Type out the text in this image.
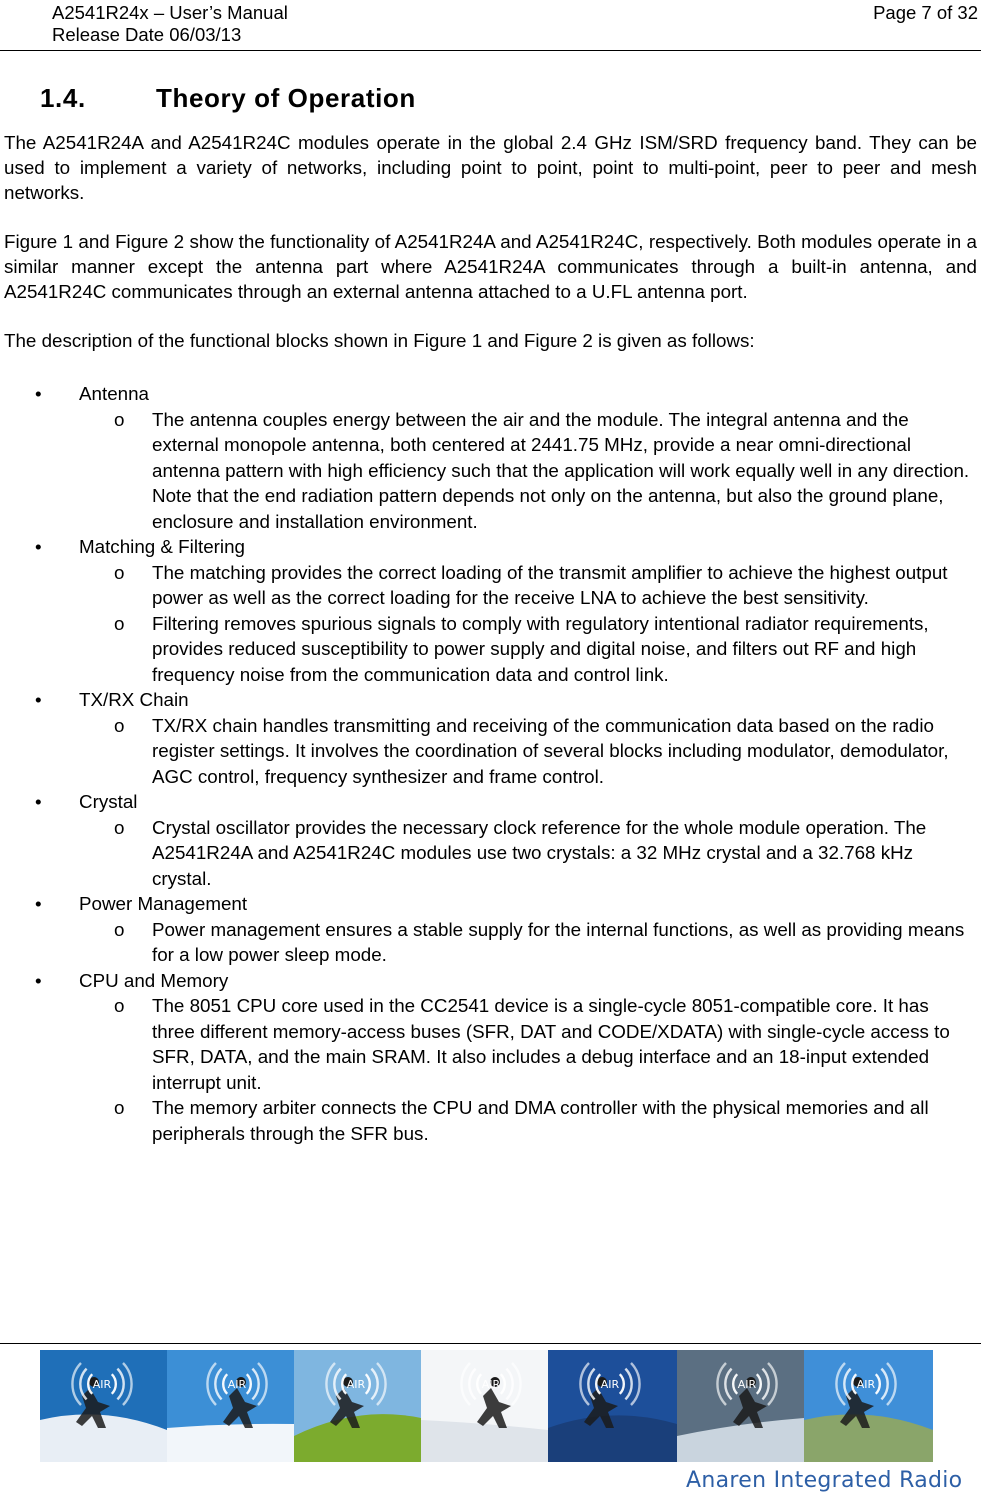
A2541R24x – User’s Manual
Release Date 06/03/13
Page 7 of 32
1.4.	Theory of Operation

The A2541R24A and A2541R24C modules operate in the global 2.4 GHz ISM/SRD frequency band. They can be used to implement a variety of networks, including point to point, point to multi-point, peer to peer and mesh networks.

Figure 1 and Figure 2 show the functionality of A2541R24A and A2541R24C, respectively. Both modules operate in a similar manner except the antenna part where A2541R24A communicates through a built-in antenna, and A2541R24C communicates through an external antenna attached to a U.FL antenna port.

The description of the functional blocks shown in Figure 1 and Figure 2 is given as follows:

• Antenna
o The antenna couples energy between the air and the module. The integral antenna and the external monopole antenna, both centered at 2441.75 MHz, provide a near omni-directional antenna pattern with high efficiency such that the application will work equally well in any direction. Note that the end radiation pattern depends not only on the antenna, but also the ground plane, enclosure and installation environment.
• Matching & Filtering
o The matching provides the correct loading of the transmit amplifier to achieve the highest output power as well as the correct loading for the receive LNA to achieve the best sensitivity.
o Filtering removes spurious signals to comply with regulatory intentional radiator requirements, provides reduced susceptibility to power supply and digital noise, and filters out RF and high frequency noise from the communication data and control link.
• TX/RX Chain
o TX/RX chain handles transmitting and receiving of the communication data based on the radio register settings. It involves the coordination of several blocks including modulator, demodulator, AGC control, frequency synthesizer and frame control.
• Crystal
o Crystal oscillator provides the necessary clock reference for the whole module operation. The A2541R24A and A2541R24C modules use two crystals: a 32 MHz crystal and a 32.768 kHz crystal.
• Power Management
o Power management ensures a stable supply for the internal functions, as well as providing means for a low power sleep mode.
• CPU and Memory
o The 8051 CPU core used in the CC2541 device is a single-cycle 8051-compatible core. It has three different memory-access buses (SFR, DAT and CODE/XDATA) with single-cycle access to SFR, DATA, and the main SRAM. It also includes a debug interface and an 18-input extended interrupt unit.
o The memory arbiter connects the CPU and DMA controller with the physical memories and all peripherals through the SFR bus.
AIR	AIR	AIR	AIR	AIR	AIR	AIR
Anaren Integrated Radio
